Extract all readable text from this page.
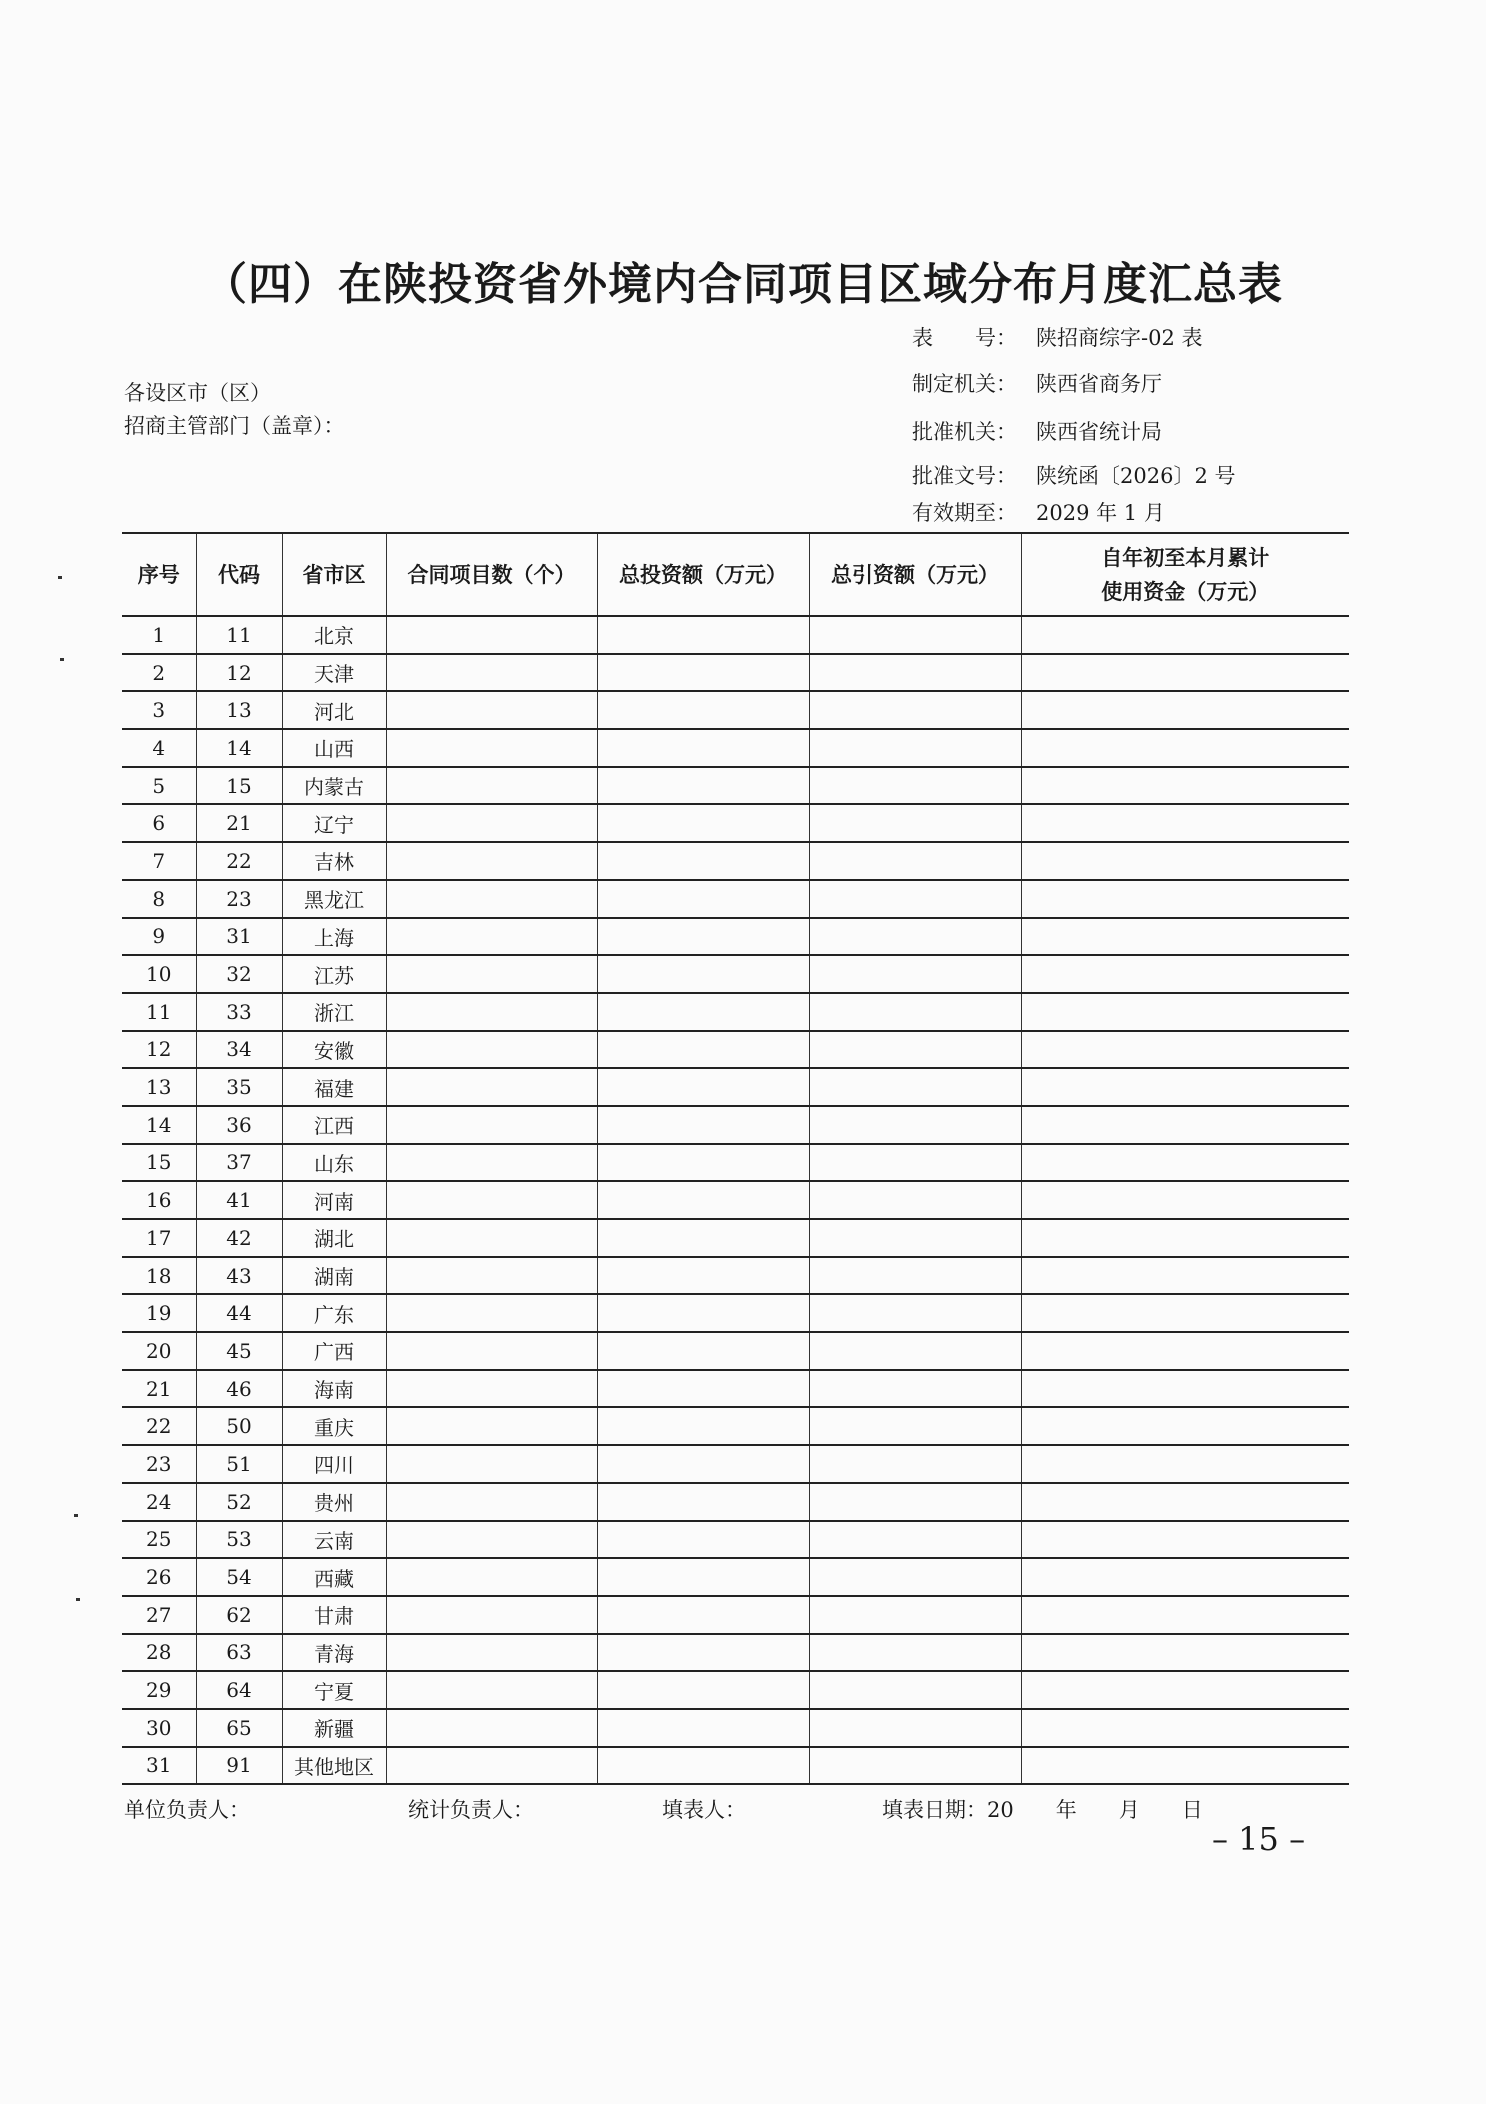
（四）在陕投资省外境内合同项目区域分布月度汇总表
表　　号： 陕招商综字-02 表
制定机关： 陕西省商务厅
批准机关： 陕西省统计局
批准文号： 陕统函〔2026〕2 号
有效期至： 2029 年 1 月
各设区市（区）
招商主管部门（盖章）：
序号	代码	省市区	合同项目数（个）	总投资额（万元）	总引资额（万元）	自年初至本月累计
使用资金（万元）

1	11	北京				
2	12	天津				
3	13	河北				
4	14	山西				
5	15	内蒙古				
6	21	辽宁				
7	22	吉林				
8	23	黑龙江				
9	31	上海				
10	32	江苏				
11	33	浙江				
12	34	安徽				
13	35	福建				
14	36	江西				
15	37	山东				
16	41	河南				
17	42	湖北				
18	43	湖南				
19	44	广东				
20	45	广西				
21	46	海南				
22	50	重庆				
23	51	四川				
24	52	贵州				
25	53	云南				
26	54	西藏				
27	62	甘肃				
28	63	青海				
29	64	宁夏				
30	65	新疆				
31	91	其他地区				
单位负责人：	统计负责人：	填表人：	填表日期：20　　年　　月　　日
– 15 –
